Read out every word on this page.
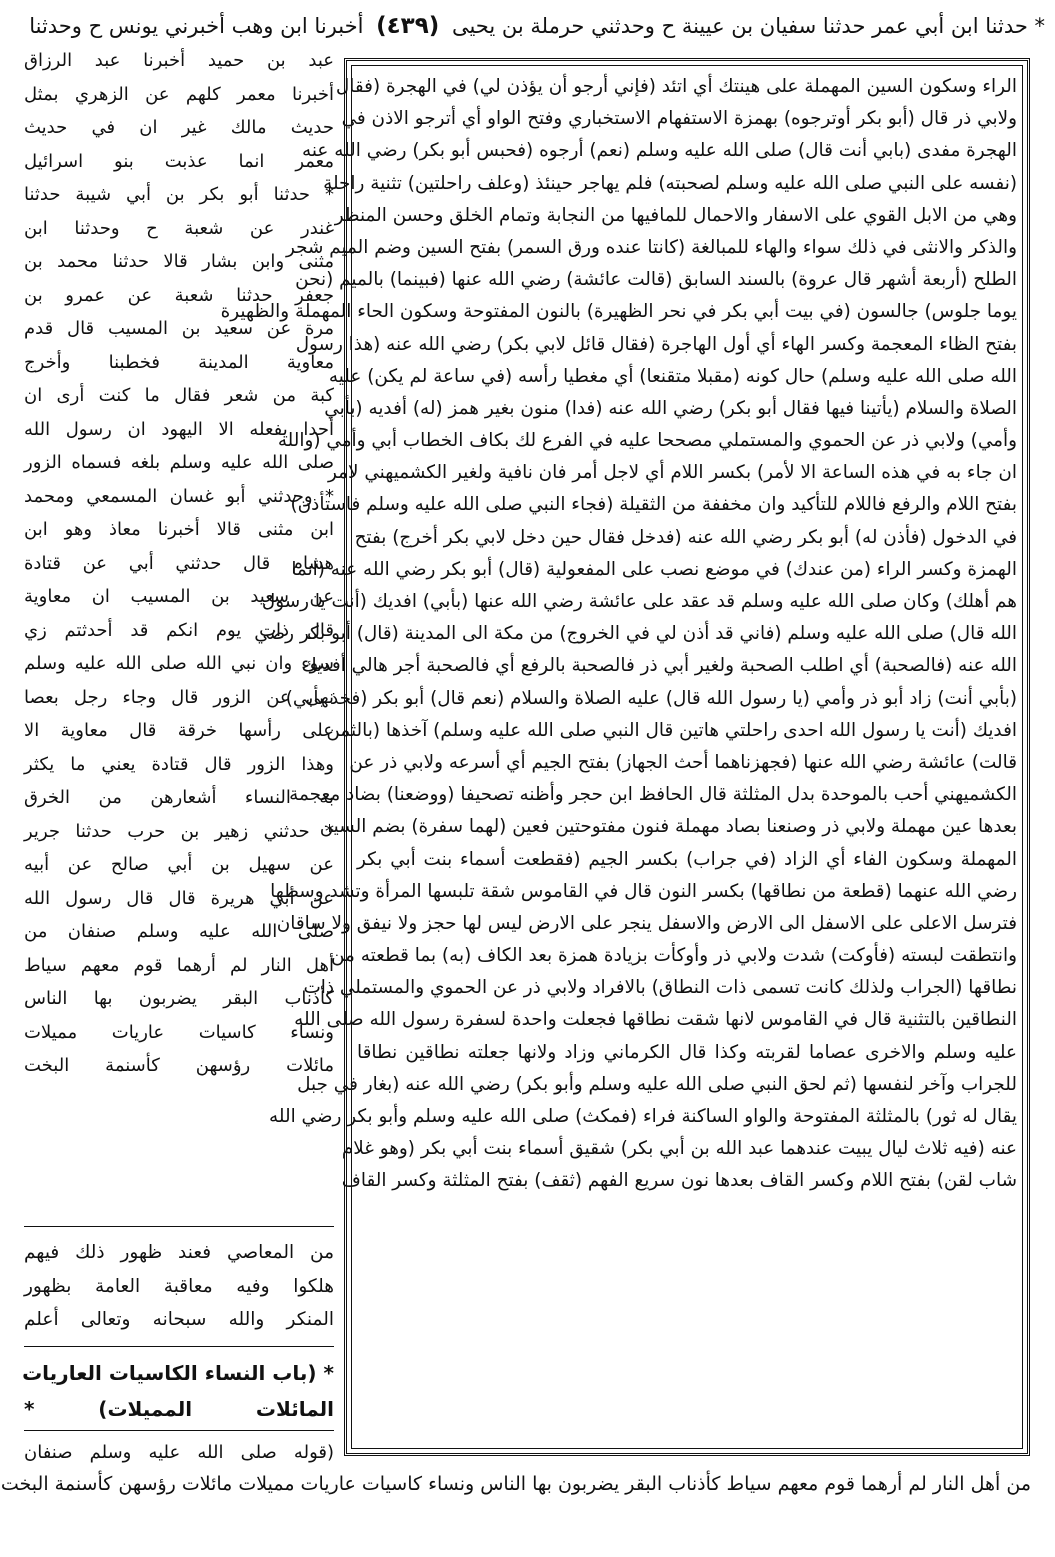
* حدثنا ابن أبي عمر حدثنا سفيان بن عيينة ح وحدثني حرملة بن يحيى (٤٣٩) أخبرنا ابن وهب أخبرني يونس ح وحدثنا
الراء وسكون السين المهملة على هينتك أي اتئد (فإني أرجو أن يؤذن لي) في الهجرة (فقال
ولابي ذر قال (أبو بكر أوترجوه) بهمزة الاستفهام الاستخباري وفتح الواو أي أترجو الاذن في
الهجرة مفدى (بابي أنت قال) صلى الله عليه وسلم (نعم) أرجوه (فحبس أبو بكر) رضي الله عنه
(نفسه على النبي صلى الله عليه وسلم لصحبته) فلم يهاجر حينئذ (وعلف راحلتين) تثنية راحلة
وهي من الابل القوي على الاسفار والاحمال للمافيها من النجابة وتمام الخلق وحسن المنظر
والذكر والانثى في ذلك سواء والهاء للمبالغة (كانتا عنده ورق السمر) بفتح السين وضم الميم شجر
الطلح (أربعة أشهر قال عروة) بالسند السابق (قالت عائشة) رضي الله عنها (فبينما) بالميم (نحن
يوما جلوس) جالسون (في بيت أبي بكر في نحر الظهيرة) بالنون المفتوحة وسكون الحاء المهملة والظهيرة
بفتح الظاء المعجمة وكسر الهاء أي أول الهاجرة (فقال قائل لابي بكر) رضي الله عنه (هذا رسول
الله صلى الله عليه وسلم) حال كونه (مقبلا متقنعا) أي مغطيا رأسه (في ساعة لم يكن) عليه
الصلاة والسلام (يأتينا فيها فقال أبو بكر) رضي الله عنه (فدا) منون بغير همز (له) أفديه (بأبي
وأمي) ولابي ذر عن الحموي والمستملي مصححا عليه في الفرع لك بكاف الخطاب أبي وأمي (والله
ان جاء به في هذه الساعة الا لأمر) بكسر اللام أي لاجل أمر فان نافية ولغير الكشميهني لامر
بفتح اللام والرفع فاللام للتأكيد وان مخففة من الثقيلة (فجاء النبي صلى الله عليه وسلم فاستأذن)
في الدخول (فأذن له) أبو بكر رضي الله عنه (فدخل فقال حين دخل لابي بكر أخرج) بفتح
الهمزة وكسر الراء (من عندك) في موضع نصب على المفعولية (قال) أبو بكر رضي الله عنه (انما
هم أهلك) وكان صلى الله عليه وسلم قد عقد على عائشة رضي الله عنها (بأبي) افديك (أنت يا رسول
الله قال) صلى الله عليه وسلم (فاني قد أذن لي في الخروج) من مكة الى المدينة (قال) أبو بكر رضي
الله عنه (فالصحبة) أي اطلب الصحبة ولغير أبي ذر فالصحبة بالرفع أي فالصحبة أجر هالي أفديك
(بأبي أنت) زاد أبو ذر وأمي (يا رسول الله قال) عليه الصلاة والسلام (نعم قال) أبو بكر (فخذ بأبي)
افديك (أنت يا رسول الله احدى راحلتي هاتين قال النبي صلى الله عليه وسلم) آخذها (بالثمن
قالت) عائشة رضي الله عنها (فجهزناهما أحث الجهاز) بفتح الجيم أي أسرعه ولابي ذر عن
الكشميهني أحب بالموحدة بدل المثلثة قال الحافظ ابن حجر وأظنه تصحيفا (ووضعنا) بضاد معجمة
بعدها عين مهملة ولابي ذر وصنعنا بصاد مهملة فنون مفتوحتين فعين (لهما سفرة) بضم السين
المهملة وسكون الفاء أي الزاد (في جراب) بكسر الجيم (فقطعت أسماء بنت أبي بكر
رضي الله عنهما (قطعة من نطاقها) بكسر النون قال في القاموس شقة تلبسها المرأة وتشد وسطها
فترسل الاعلى على الاسفل الى الارض والاسفل ينجر على الارض ليس لها حجز ولا نيفق ولا ساقان
وانتطقت لبسته (فأوكت) شدت ولابي ذر وأوكأت بزيادة همزة بعد الكاف (به) بما قطعته من
نطاقها (الجراب ولذلك كانت تسمى ذات النطاق) بالافراد ولابي ذر عن الحموي والمستملي ذات
النطاقين بالتثنية قال في القاموس لانها شقت نطاقها فجعلت واحدة لسفرة رسول الله صلى الله
عليه وسلم والاخرى عصاما لقربته وكذا قال الكرماني وزاد ولانها جعلته نطاقين نطاقا
للجراب وآخر لنفسها (ثم لحق النبي صلى الله عليه وسلم وأبو بكر) رضي الله عنه (بغار في جبل
يقال له ثور) بالمثلثة المفتوحة والواو الساكنة فراء (فمكث) صلى الله عليه وسلم وأبو بكر رضي الله
عنه (فيه ثلاث ليال يبيت عندهما عبد الله بن أبي بكر) شقيق أسماء بنت أبي بكر (وهو غلام
شاب لقن) بفتح اللام وكسر القاف بعدها نون سريع الفهم (ثقف) بفتح المثلثة وكسر القاف
عبد بن حميد أخبرنا عبد الرزاق
أخبرنا معمر كلهم عن الزهري بمثل
حديث مالك غير ان في حديث
معمر انما عذبت بنو اسرائيل
* حدثنا أبو بكر بن أبي شيبة حدثنا
غندر عن شعبة ح وحدثنا ابن
مثنى وابن بشار قالا حدثنا محمد بن
جعفر حدثنا شعبة عن عمرو بن
مرة عن سعيد بن المسيب قال قدم
معاوية المدينة فخطبنا وأخرج
كبة من شعر فقال ما كنت أرى ان
أحدا يفعله الا اليهود ان رسول الله
صلى الله عليه وسلم بلغه فسماه الزور
* وحدثني أبو غسان المسمعي ومحمد
ابن مثنى قالا أخبرنا معاذ وهو ابن
هشام قال حدثني أبي عن قتادة
عن سعيد بن المسيب ان معاوية
قال ذات يوم انكم قد أحدثتم زي
سوء وان نبي الله صلى الله عليه وسلم
نهى عن الزور قال وجاء رجل بعصا
على رأسها خرقة قال معاوية الا
وهذا الزور قال قتادة يعني ما يكثر
به النساء أشعارهن من الخرق
* حدثني زهير بن حرب حدثنا جرير
عن سهيل بن أبي صالح عن أبيه
عن أبي هريرة قال قال رسول الله
صلى الله عليه وسلم صنفان من
أهل النار لم أرهما قوم معهم سياط
كأذناب البقر يضربون بها الناس
ونساء كاسيات عاريات مميلات
مائلات رؤسهن كأسنمة البخت
من المعاصي فعند ظهور ذلك فيهم
هلكوا وفيه معاقبة العامة بظهور
المنكر والله سبحانه وتعالى أعلم
* (باب النساء الكاسيات العاريات
المائلات المميلات) *
(قوله صلى الله عليه وسلم صنفان
من أهل النار لم أرهما قوم معهم سياط كأذناب البقر يضربون بها الناس ونساء كاسيات عاريات مميلات مائلات رؤسهن كأسنمة البخت
